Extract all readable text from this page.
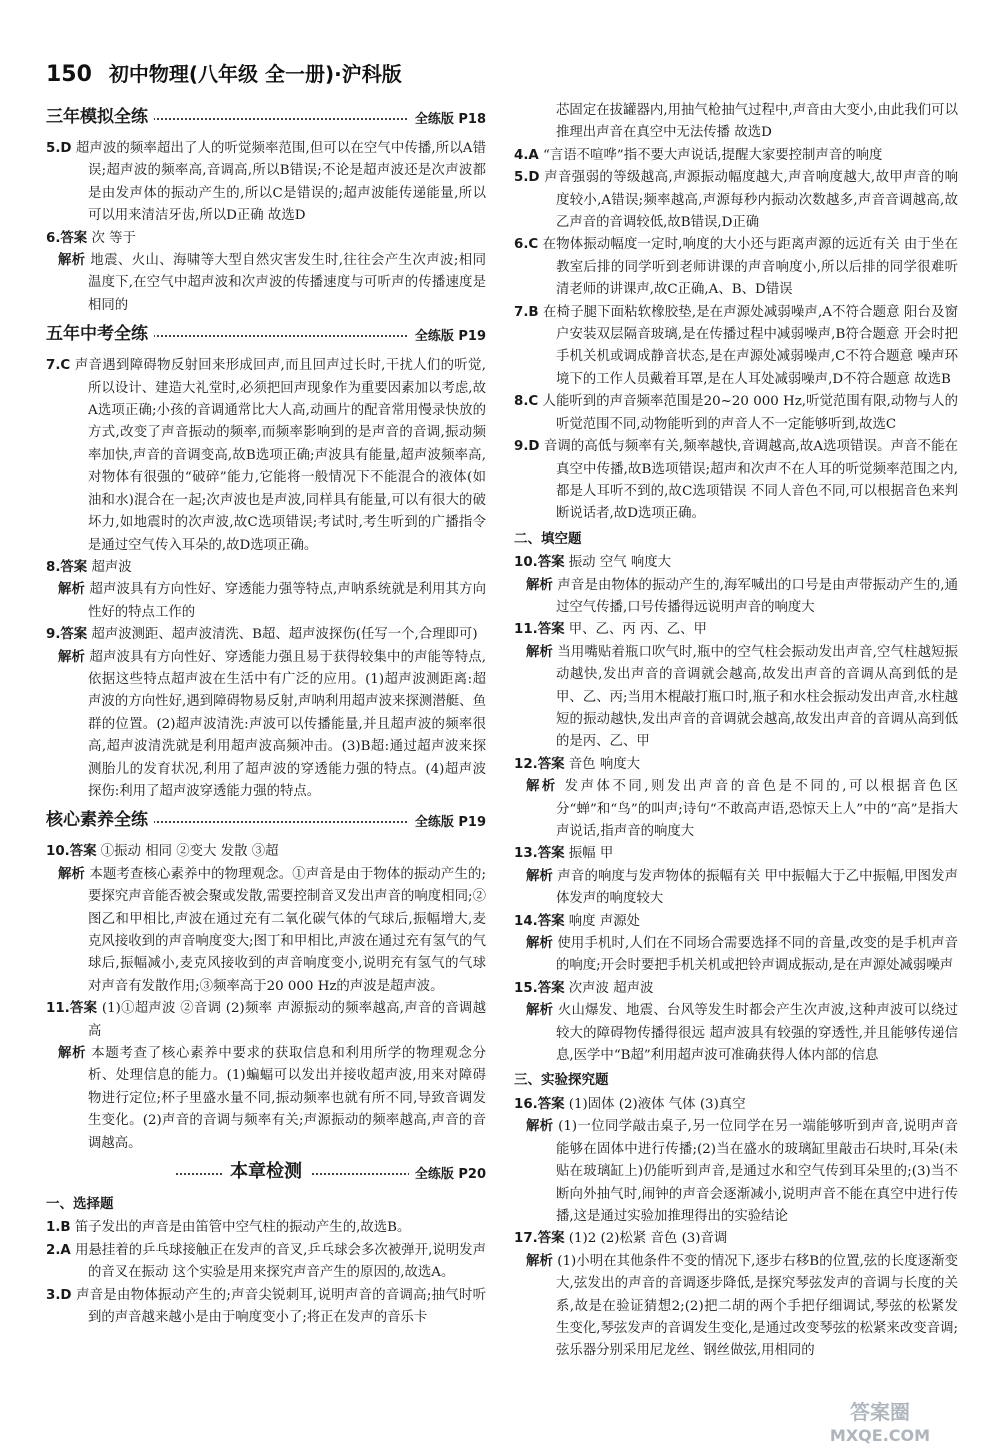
150 初中物理(八年级 全一册)·沪科版
三年模拟全练	全练版 P18

5.D 超声波的频率超出了人的听觉频率范围,但可以在空气中传播,所以A错误;超声波的频率高,音调高,所以B错误;不论是超声波还是次声波都是由发声体的振动产生的,所以C是错误的;超声波能传递能量,所以可以用来清洁牙齿,所以D正确 故选D

6.答案 次 等于

解析 地震、火山、海啸等大型自然灾害发生时,往往会产生次声波;相同温度下,在空气中超声波和次声波的传播速度与可听声的传播速度是相同的

五年中考全练	全练版 P19

7.C 声音遇到障碍物反射回来形成回声,而且回声过长时,干扰人们的听觉,所以设计、建造大礼堂时,必须把回声现象作为重要因素加以考虑,故A选项正确;小孩的音调通常比大人高,动画片的配音常用慢录快放的方式,改变了声音振动的频率,而频率影响到的是声音的音调,振动频率加快,声音的音调变高,故B选项正确;声波具有能量,超声波频率高,对物体有很强的“破碎”能力,它能将一般情况下不能混合的液体(如油和水)混合在一起;次声波也是声波,同样具有能量,可以有很大的破坏力,如地震时的次声波,故C选项错误;考试时,考生听到的广播指令是通过空气传入耳朵的,故D选项正确。

8.答案 超声波

解析 超声波具有方向性好、穿透能力强等特点,声呐系统就是利用其方向性好的特点工作的

9.答案 超声波测距、超声波清洗、B超、超声波探伤(任写一个,合理即可)

解析 超声波具有方向性好、穿透能力强且易于获得较集中的声能等特点,依据这些特点超声波在生活中有广泛的应用。(1)超声波测距离:超声波的方向性好,遇到障碍物易反射,声呐利用超声波来探测潜艇、鱼群的位置。(2)超声波清洗:声波可以传播能量,并且超声波的频率很高,超声波清洗就是利用超声波高频冲击。(3)B超:通过超声波来探测胎儿的发育状况,利用了超声波的穿透能力强的特点。(4)超声波探伤:利用了超声波穿透能力强的特点。

核心素养全练	全练版 P19

10.答案 ①振动 相同 ②变大 发散 ③超

解析 本题考查核心素养中的物理观念。①声音是由于物体的振动产生的;要探究声音能否被会聚或发散,需要控制音叉发出声音的响度相同;②图乙和甲相比,声波在通过充有二氧化碳气体的气球后,振幅增大,麦克风接收到的声音响度变大;图丁和甲相比,声波在通过充有氢气的气球后,振幅减小,麦克风接收到的声音响度变小,说明充有氢气的气球对声音有发散作用;③频率高于20 000 Hz的声波是超声波。

11.答案 (1)①超声波 ②音调 (2)频率 声源振动的频率越高,声音的音调越高

解析 本题考查了核心素养中要求的获取信息和利用所学的物理观念分析、处理信息的能力。(1)蝙蝠可以发出并接收超声波,用来对障碍物进行定位;杯子里盛水量不同,振动频率也就有所不同,导致音调发生变化。(2)声音的音调与频率有关;声源振动的频率越高,声音的音调越高。

本章检测	全练版 P20
一、选择题

1.B 笛子发出的声音是由笛管中空气柱的振动产生的,故选B。

2.A 用悬挂着的乒乓球接触正在发声的音叉,乒乓球会多次被弹开,说明发声的音叉在振动 这个实验是用来探究声音产生的原因的,故选A。

3.D 声音是由物体振动产生的;声音尖锐刺耳,说明声音的音调高;抽气时听到的声音越来越小是由于响度变小了;将正在发声的音乐卡

芯固定在拔罐器内,用抽气枪抽气过程中,声音由大变小,由此我们可以推理出声音在真空中无法传播 故选D

4.A “言语不喧哗”指不要大声说话,提醒大家要控制声音的响度

5.D 声音强弱的等级越高,声源振动幅度越大,声音响度越大,故甲声音的响度较小,A错误;频率越高,声源每秒内振动次数越多,声音音调越高,故乙声音的音调较低,故B错误,D正确

6.C 在物体振动幅度一定时,响度的大小还与距离声源的远近有关 由于坐在教室后排的同学听到老师讲课的声音响度小,所以后排的同学很难听清老师的讲课声,故C正确,A、B、D错误

7.B 在椅子腿下面粘软橡胶垫,是在声源处减弱噪声,A不符合题意 阳台及窗户安装双层隔音玻璃,是在传播过程中减弱噪声,B符合题意 开会时把手机关机或调成静音状态,是在声源处减弱噪声,C不符合题意 噪声环境下的工作人员戴着耳罩,是在人耳处减弱噪声,D不符合题意 故选B

8.C 人能听到的声音频率范围是20~20 000 Hz,听觉范围有限,动物与人的听觉范围不同,动物能听到的声音人不一定能够听到,故选C

9.D 音调的高低与频率有关,频率越快,音调越高,故A选项错误。声音不能在真空中传播,故B选项错误;超声和次声不在人耳的听觉频率范围之内,都是人耳听不到的,故C选项错误 不同人音色不同,可以根据音色来判断说话者,故D选项正确。

二、填空题

10.答案 振动 空气 响度大

解析 声音是由物体的振动产生的,海军喊出的口号是由声带振动产生的,通过空气传播,口号传播得远说明声音的响度大

11.答案 甲、乙、丙 丙、乙、甲

解析 当用嘴贴着瓶口吹气时,瓶中的空气柱会振动发出声音,空气柱越短振动越快,发出声音的音调就会越高,故发出声音的音调从高到低的是甲、乙、丙;当用木棍敲打瓶口时,瓶子和水柱会振动发出声音,水柱越短的振动越快,发出声音的音调就会越高,故发出声音的音调从高到低的是丙、乙、甲

12.答案 音色 响度大

解析 发声体不同,则发出声音的音色是不同的,可以根据音色区分“蝉”和“鸟”的叫声;诗句“不敢高声语,恐惊天上人”中的“高”是指大声说话,指声音的响度大

13.答案 振幅 甲

解析 声音的响度与发声物体的振幅有关 甲中振幅大于乙中振幅,甲图发声体发声的响度较大

14.答案 响度 声源处

解析 使用手机时,人们在不同场合需要选择不同的音量,改变的是手机声音的响度;开会时要把手机关机或把铃声调成振动,是在声源处减弱噪声

15.答案 次声波 超声波

解析 火山爆发、地震、台风等发生时都会产生次声波,这种声波可以绕过较大的障碍物传播得很远 超声波具有较强的穿透性,并且能够传递信息,医学中“B超”利用超声波可准确获得人体内部的信息

三、实验探究题

16.答案 (1)固体 (2)液体 气体 (3)真空

解析 (1)一位同学敲击桌子,另一位同学在另一端能够听到声音,说明声音能够在固体中进行传播;(2)当在盛水的玻璃缸里敲击石块时,耳朵(未贴在玻璃缸上)仍能听到声音,是通过水和空气传到耳朵里的;(3)当不断向外抽气时,闹钟的声音会逐渐减小,说明声音不能在真空中进行传播,这是通过实验加推理得出的实验结论

17.答案 (1)2 (2)松紧 音色 (3)音调

解析 (1)小明在其他条件不变的情况下,逐步右移B的位置,弦的长度逐渐变大,弦发出的声音的音调逐步降低,是探究琴弦发声的音调与长度的关系,故是在验证猜想2;(2)把二胡的两个手把仔细调试,琴弦的松紧发生变化,琴弦发声的音调发生变化,是通过改变琴弦的松紧来改变音调;弦乐器分别采用尼龙丝、钢丝做弦,用相同的

答案圈
MXQE.COM
